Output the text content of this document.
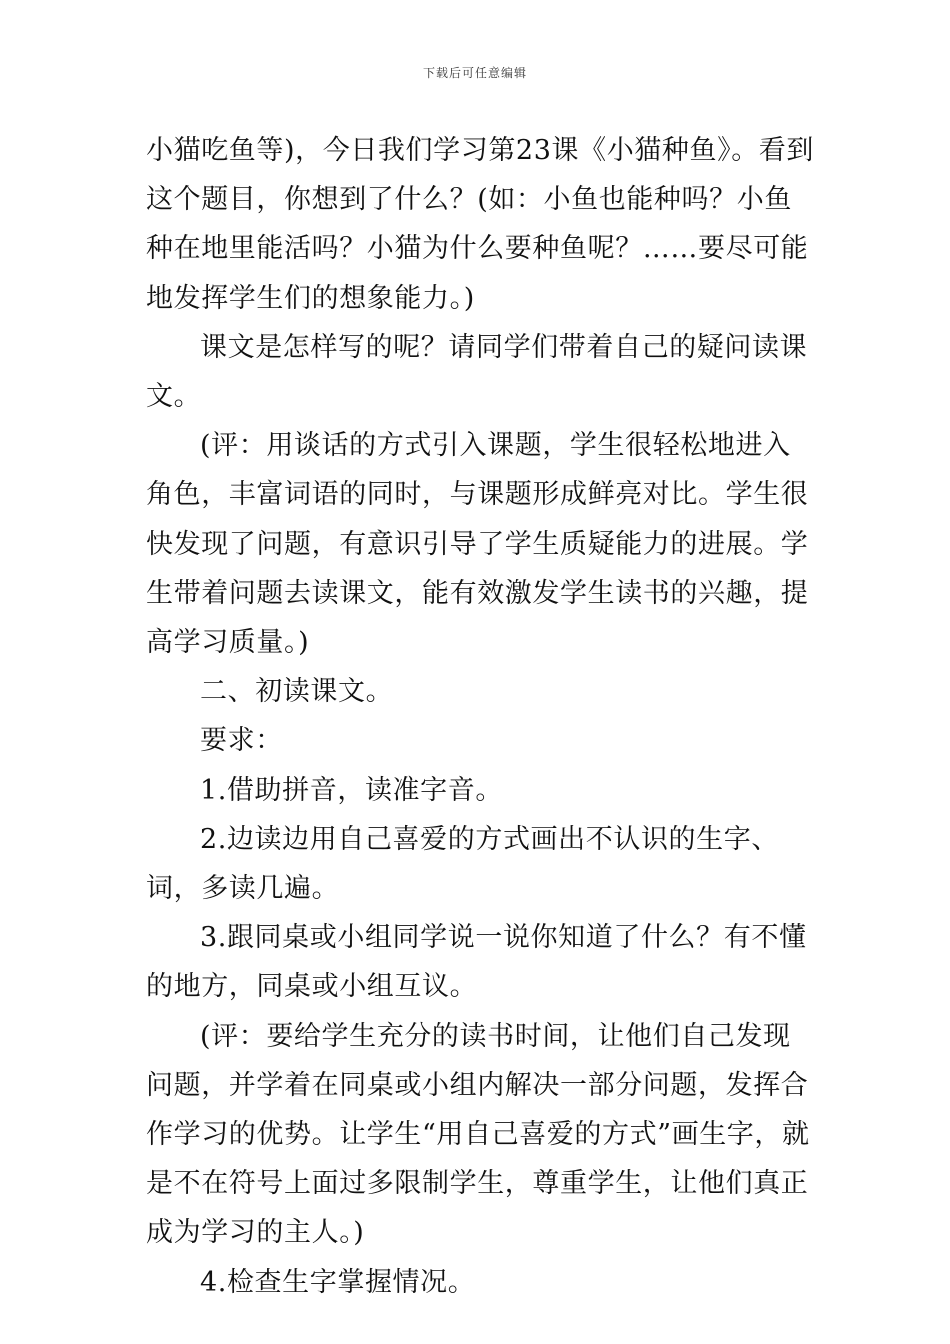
下载后可任意编辑

小猫吃鱼等)，今日我们学习第23课《小猫种鱼》。看到这个题目，你想到了什么？(如：小鱼也能种吗？小鱼种在地里能活吗？小猫为什么要种鱼呢？……要尽可能地发挥学生们的想象能力。)

课文是怎样写的呢？请同学们带着自己的疑问读课文。

(评：用谈话的方式引入课题，学生很轻松地进入角色，丰富词语的同时，与课题形成鲜亮对比。学生很快发现了问题，有意识引导了学生质疑能力的进展。学生带着问题去读课文，能有效激发学生读书的兴趣，提高学习质量。)

二、初读课文。

要求：

1.借助拼音，读准字音。

2.边读边用自己喜爱的方式画出不认识的生字、词，多读几遍。

3.跟同桌或小组同学说一说你知道了什么？有不懂的地方，同桌或小组互议。

(评：要给学生充分的读书时间，让他们自己发现问题，并学着在同桌或小组内解决一部分问题，发挥合作学习的优势。让学生“用自己喜爱的方式”画生字，就是不在符号上面过多限制学生，尊重学生，让他们真正成为学习的主人。)

4.检查生字掌握情况。
